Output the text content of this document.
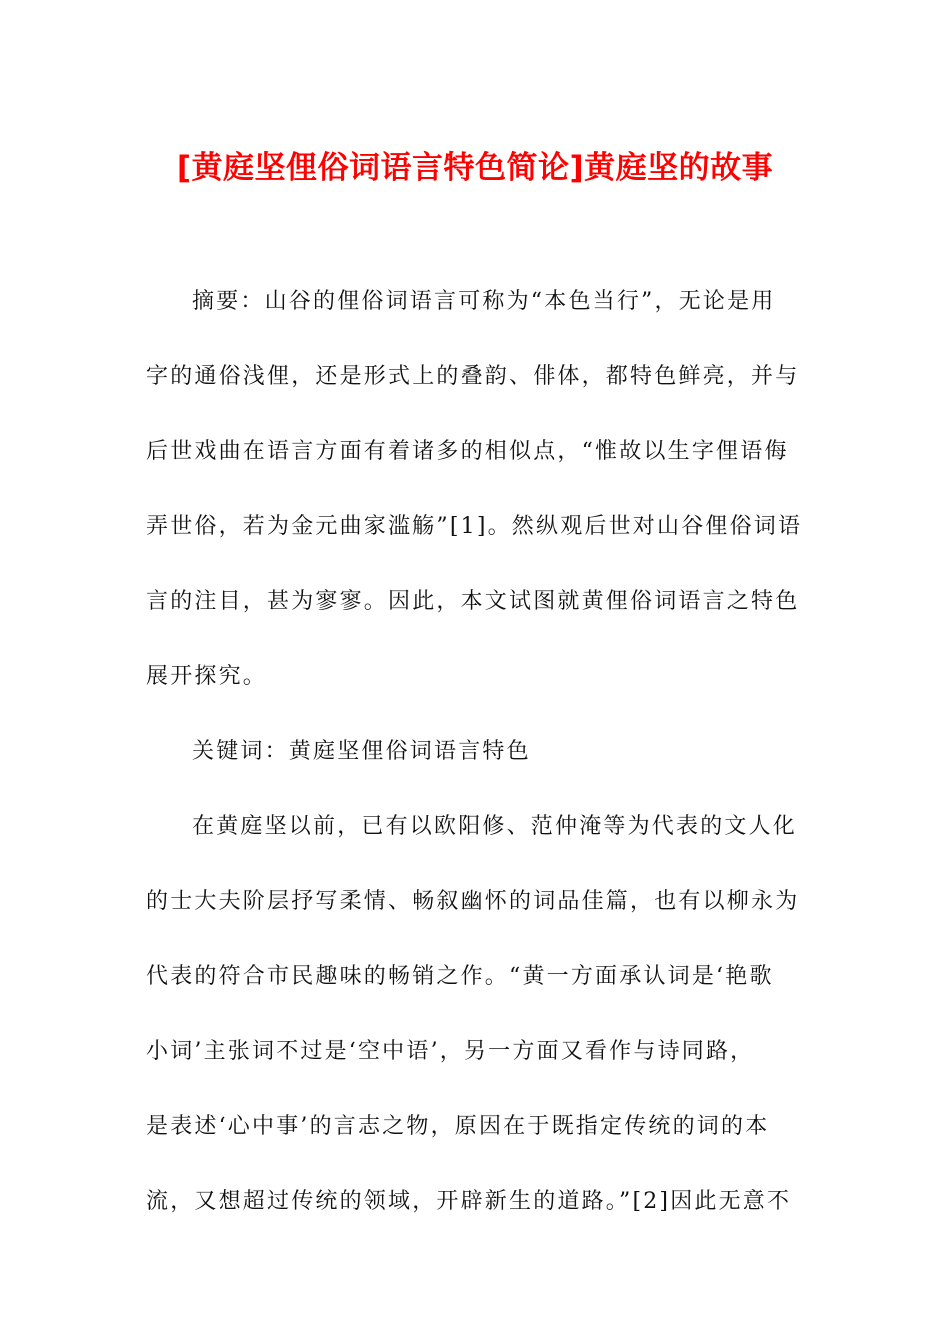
[黄庭坚俚俗词语言特色简论]黄庭坚的故事
摘要：山谷的俚俗词语言可称为“本色当行”，无论是用
字的通俗浅俚，还是形式上的叠韵、俳体，都特色鲜亮，并与
后世戏曲在语言方面有着诸多的相似点，“惟故以生字俚语侮
弄世俗，若为金元曲家滥觞”[1]。然纵观后世对山谷俚俗词语
言的注目，甚为寥寥。因此，本文试图就黄俚俗词语言之特色
展开探究。
关键词：黄庭坚俚俗词语言特色
在黄庭坚以前，已有以欧阳修、范仲淹等为代表的文人化
的士大夫阶层抒写柔情、畅叙幽怀的词品佳篇，也有以柳永为
代表的符合市民趣味的畅销之作。“黄一方面承认词是‘艳歌
小词’主张词不过是‘空中语’，另一方面又看作与诗同路，
是表述‘心中事’的言志之物，原因在于既指定传统的词的本
流，又想超过传统的领域，开辟新生的道路。”[2]因此无意不
